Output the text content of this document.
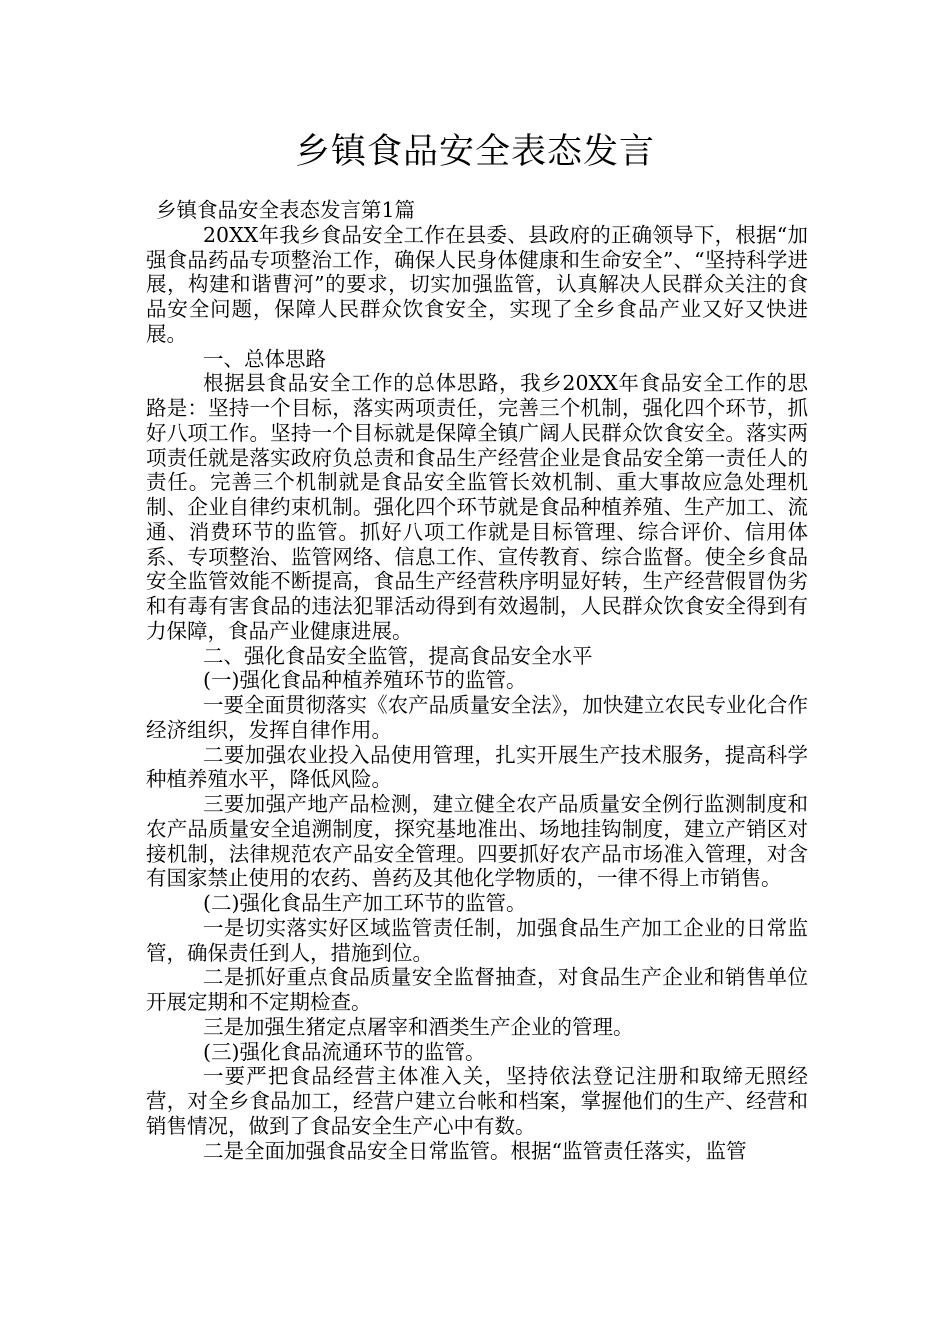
乡镇食品安全表态发言

乡镇食品安全表态发言第1篇

20XX年我乡食品安全工作在县委、县政府的正确领导下，根据“加强食品药品专项整治工作，确保人民身体健康和生命安全”、“坚持科学进展，构建和谐曹河”的要求，切实加强监管，认真解决人民群众关注的食品安全问题，保障人民群众饮食安全，实现了全乡食品产业又好又快进展。

一、总体思路

根据县食品安全工作的总体思路，我乡20XX年食品安全工作的思路是：坚持一个目标，落实两项责任，完善三个机制，强化四个环节，抓好八项工作。坚持一个目标就是保障全镇广阔人民群众饮食安全。落实两项责任就是落实政府负总责和食品生产经营企业是食品安全第一责任人的责任。完善三个机制就是食品安全监管长效机制、重大事故应急处理机制、企业自律约束机制。强化四个环节就是食品种植养殖、生产加工、流通、消费环节的监管。抓好八项工作就是目标管理、综合评价、信用体系、专项整治、监管网络、信息工作、宣传教育、综合监督。使全乡食品安全监管效能不断提高，食品生产经营秩序明显好转，生产经营假冒伪劣和有毒有害食品的违法犯罪活动得到有效遏制，人民群众饮食安全得到有力保障，食品产业健康进展。

二、强化食品安全监管，提高食品安全水平

(一)强化食品种植养殖环节的监管。

一要全面贯彻落实《农产品质量安全法》，加快建立农民专业化合作经济组织，发挥自律作用。

二要加强农业投入品使用管理，扎实开展生产技术服务，提高科学种植养殖水平，降低风险。

三要加强产地产品检测，建立健全农产品质量安全例行监测制度和农产品质量安全追溯制度，探究基地准出、场地挂钩制度，建立产销区对接机制，法律规范农产品安全管理。四要抓好农产品市场准入管理，对含有国家禁止使用的农药、兽药及其他化学物质的，一律不得上市销售。

(二)强化食品生产加工环节的监管。

一是切实落实好区域监管责任制，加强食品生产加工企业的日常监管，确保责任到人，措施到位。

二是抓好重点食品质量安全监督抽查，对食品生产企业和销售单位开展定期和不定期检查。

三是加强生猪定点屠宰和酒类生产企业的管理。

(三)强化食品流通环节的监管。

一要严把食品经营主体准入关，坚持依法登记注册和取缔无照经营，对全乡食品加工，经营户建立台帐和档案，掌握他们的生产、经营和销售情况，做到了食品安全生产心中有数。

二是全面加强食品安全日常监管。根据“监管责任落实，监管
